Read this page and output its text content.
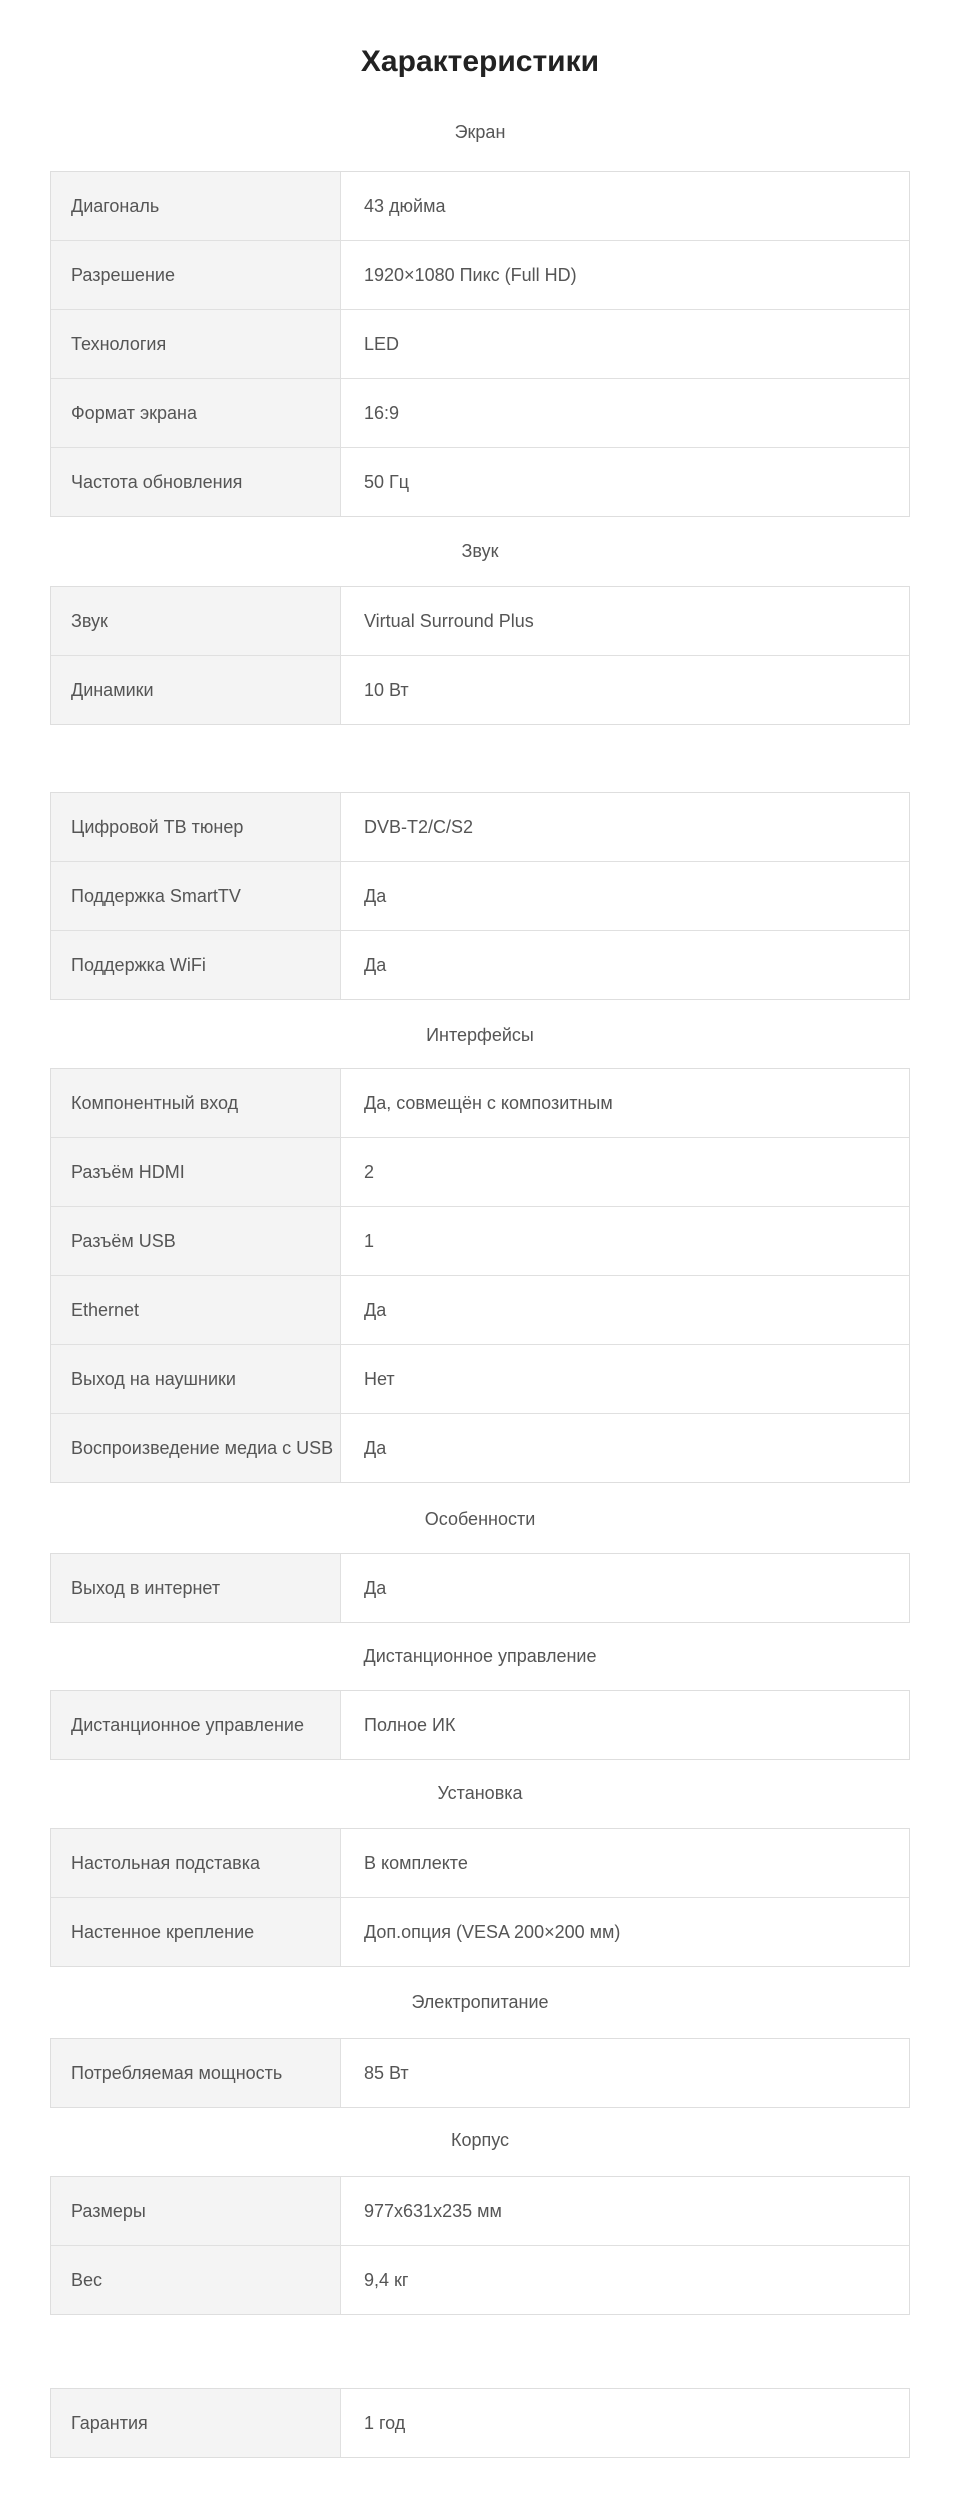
Характеристики
Экран
Диагональ	43 дюйма
Разрешение	1920×1080 Пикс (Full HD)
Технология	LED
Формат экрана	16:9
Частота обновления	50 Гц
Звук
Звук	Virtual Surround Plus
Динамики	10 Вт
Цифровой ТВ тюнер	DVB-T2/C/S2
Поддержка SmartTV	Да
Поддержка WiFi	Да
Интерфейсы
Компонентный вход	Да, совмещён с композитным
Разъём HDMI	2
Разъём USB	1
Ethernet	Да
Выход на наушники	Нет
Воспроизведение медиа с USB	Да
Особенности
Выход в интернет	Да
Дистанционное управление
Дистанционное управление	Полное ИК
Установка
Настольная подставка	В комплекте
Настенное крепление	Доп.опция (VESA 200×200 мм)
Электропитание
Потребляемая мощность	85 Вт
Корпус
Размеры	977x631x235 мм
Вес	9,4 кг
Гарантия	1 год
